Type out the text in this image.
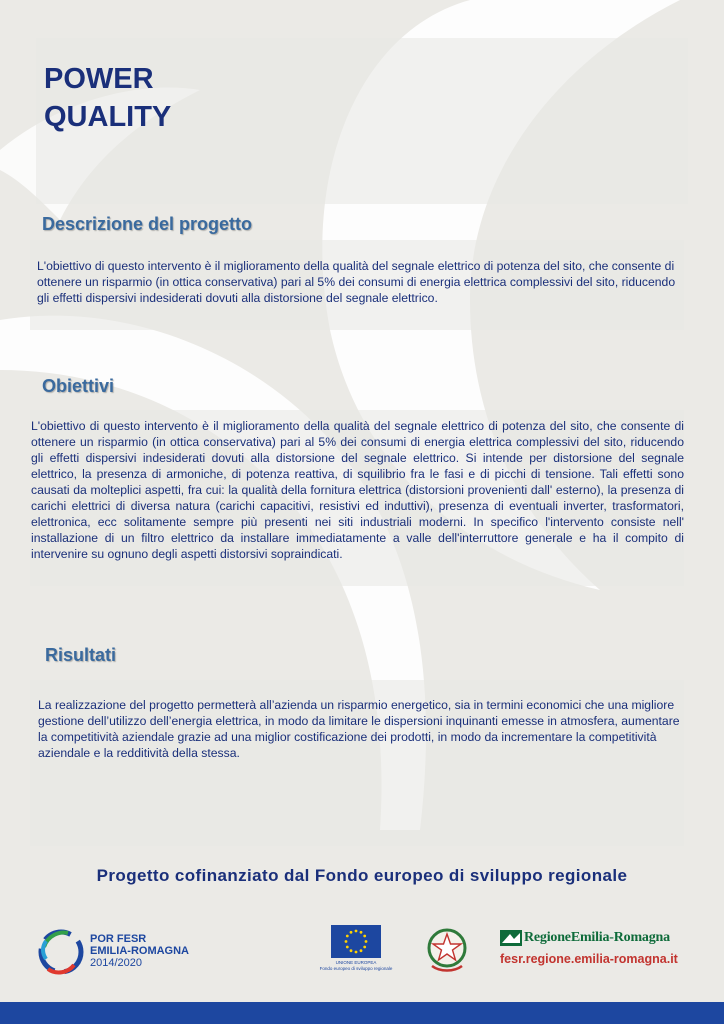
POWER
QUALITY
Descrizione del progetto

L'obiettivo di questo intervento è il miglioramento della qualità del segnale elettrico di potenza del sito, che consente di ottenere un risparmio (in ottica conservativa) pari al 5% dei consumi di energia elettrica complessivi del sito, riducendo gli effetti dispersivi indesiderati dovuti alla distorsione del segnale elettrico.

Obiettivi

L'obiettivo di questo intervento è il miglioramento della qualità del segnale elettrico di potenza del sito, che consente di ottenere un risparmio (in ottica conservativa) pari al 5% dei consumi di energia elettrica complessivi del sito, riducendo gli effetti dispersivi indesiderati dovuti alla distorsione del segnale elettrico. Si intende per distorsione del segnale elettrico, la presenza di armoniche, di potenza reattiva, di squilibrio fra le fasi e di picchi di tensione. Tali effetti sono causati da molteplici aspetti, fra cui: la qualità della fornitura elettrica (distorsioni provenienti dall' esterno), la presenza di carichi elettrici di diversa natura (carichi capacitivi, resistivi ed induttivi), presenza di eventuali inverter, trasformatori, elettronica, ecc solitamente sempre più presenti nei siti industriali moderni. In specifico l'intervento consiste nell' installazione di un filtro elettrico da installare immediatamente a valle dell'interruttore generale e ha il compito di intervenire su ognuno degli aspetti distorsivi sopraindicati.

Risultati

La realizzazione del progetto permetterà all’azienda un risparmio energetico, sia in termini economici che una migliore gestione dell’utilizzo dell’energia elettrica, in modo da limitare le dispersioni inquinanti emesse in atmosfera, aumentare la competitività aziendale grazie ad una miglior costificazione dei prodotti, in modo da incrementare la competitività aziendale e la redditività della stessa.

Progetto cofinanziato dal Fondo europeo di sviluppo regionale
POR FESR
EMILIA-ROMAGNA
2014/2020	UNIONE EUROPEA
Fondo europeo di sviluppo regionale
RegioneEmilia-Romagna
fesr.regione.emilia-romagna.it
